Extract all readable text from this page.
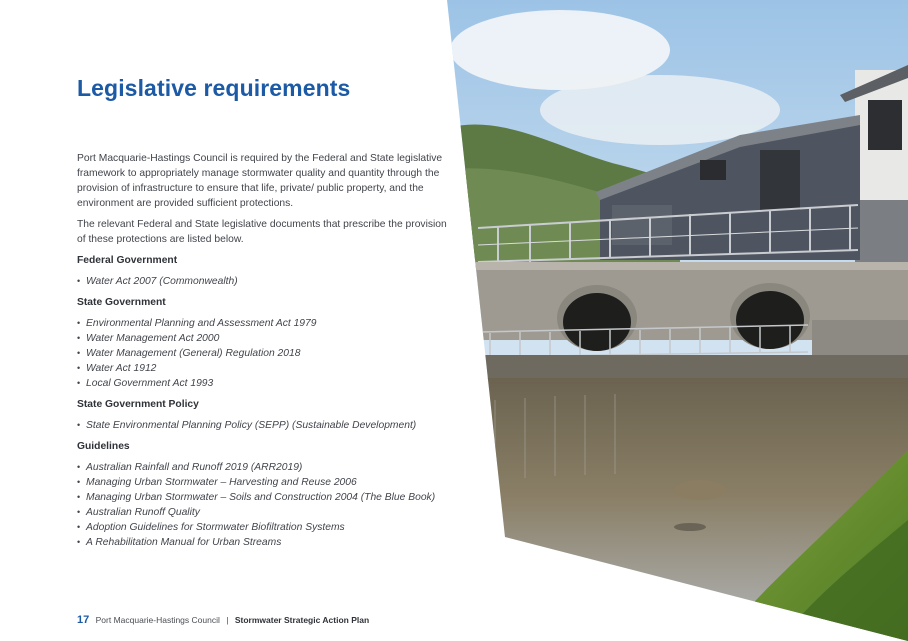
Legislative requirements

Port Macquarie-Hastings Council is required by the Federal and State legislative framework to appropriately manage stormwater quality and quantity through the provision of infrastructure to ensure that life, private/ public property, and the environment are provided sufficient protections.

The relevant Federal and State legislative documents that prescribe the provision of these protections are listed below.

Federal Government
• Water Act 2007 (Commonwealth)
State Government
• Environmental Planning and Assessment Act 1979
• Water Management Act 2000
• Water Management (General) Regulation 2018
• Water Act 1912
• Local Government Act 1993
State Government Policy
• State Environmental Planning Policy (SEPP) (Sustainable Development)
Guidelines
• Australian Rainfall and Runoff 2019 (ARR2019)
• Managing Urban Stormwater – Harvesting and Reuse 2006
• Managing Urban Stormwater – Soils and Construction 2004 (The Blue Book)
• Australian Runoff Quality
• Adoption Guidelines for Stormwater Biofiltration Systems
• A Rehabilitation Manual for Urban Streams
17 Port Macquarie-Hastings Council | Stormwater Strategic Action Plan
